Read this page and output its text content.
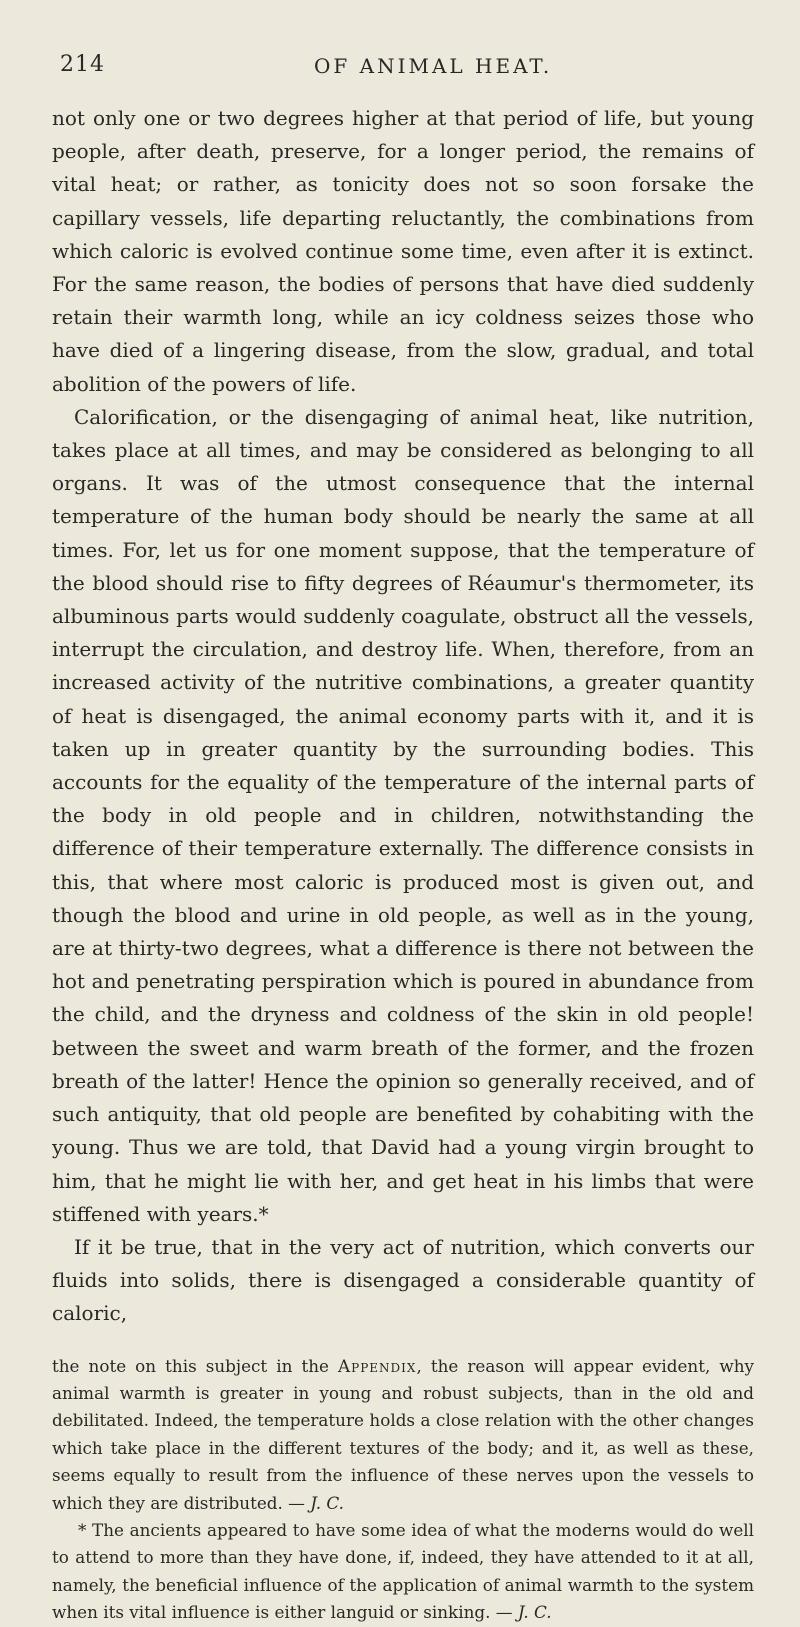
214	OF ANIMAL HEAT.

not only one or two degrees higher at that period of life, but young people, after death, preserve, for a longer period, the remains of vital heat; or rather, as tonicity does not so soon forsake the capillary vessels, life departing reluctantly, the combinations from which caloric is evolved continue some time, even after it is extinct. For the same reason, the bodies of persons that have died suddenly retain their warmth long, while an icy coldness seizes those who have died of a lingering disease, from the slow, gradual, and total abolition of the powers of life.

Calorification, or the disengaging of animal heat, like nutrition, takes place at all times, and may be considered as belonging to all organs. It was of the utmost consequence that the internal temperature of the human body should be nearly the same at all times. For, let us for one moment suppose, that the temperature of the blood should rise to fifty degrees of Réaumur's thermometer, its albuminous parts would suddenly coagulate, obstruct all the vessels, interrupt the circulation, and destroy life. When, therefore, from an increased activity of the nutritive combinations, a greater quantity of heat is disengaged, the animal economy parts with it, and it is taken up in greater quantity by the surrounding bodies. This accounts for the equality of the temperature of the internal parts of the body in old people and in children, notwithstanding the difference of their temperature externally. The difference consists in this, that where most caloric is produced most is given out, and though the blood and urine in old people, as well as in the young, are at thirty-two degrees, what a difference is there not between the hot and penetrating perspiration which is poured in abundance from the child, and the dryness and coldness of the skin in old people! between the sweet and warm breath of the former, and the frozen breath of the latter! Hence the opinion so generally received, and of such antiquity, that old people are benefited by cohabiting with the young. Thus we are told, that David had a young virgin brought to him, that he might lie with her, and get heat in his limbs that were stiffened with years.*

If it be true, that in the very act of nutrition, which converts our fluids into solids, there is disengaged a considerable quantity of caloric,

the note on this subject in the Appendix, the reason will appear evident, why animal warmth is greater in young and robust subjects, than in the old and debilitated. Indeed, the temperature holds a close relation with the other changes which take place in the different textures of the body; and it, as well as these, seems equally to result from the influence of these nerves upon the vessels to which they are distributed. — J. C.

* The ancients appeared to have some idea of what the moderns would do well to attend to more than they have done, if, indeed, they have attended to it at all, namely, the beneficial influence of the application of animal warmth to the system when its vital influence is either languid or sinking. — J. C.
